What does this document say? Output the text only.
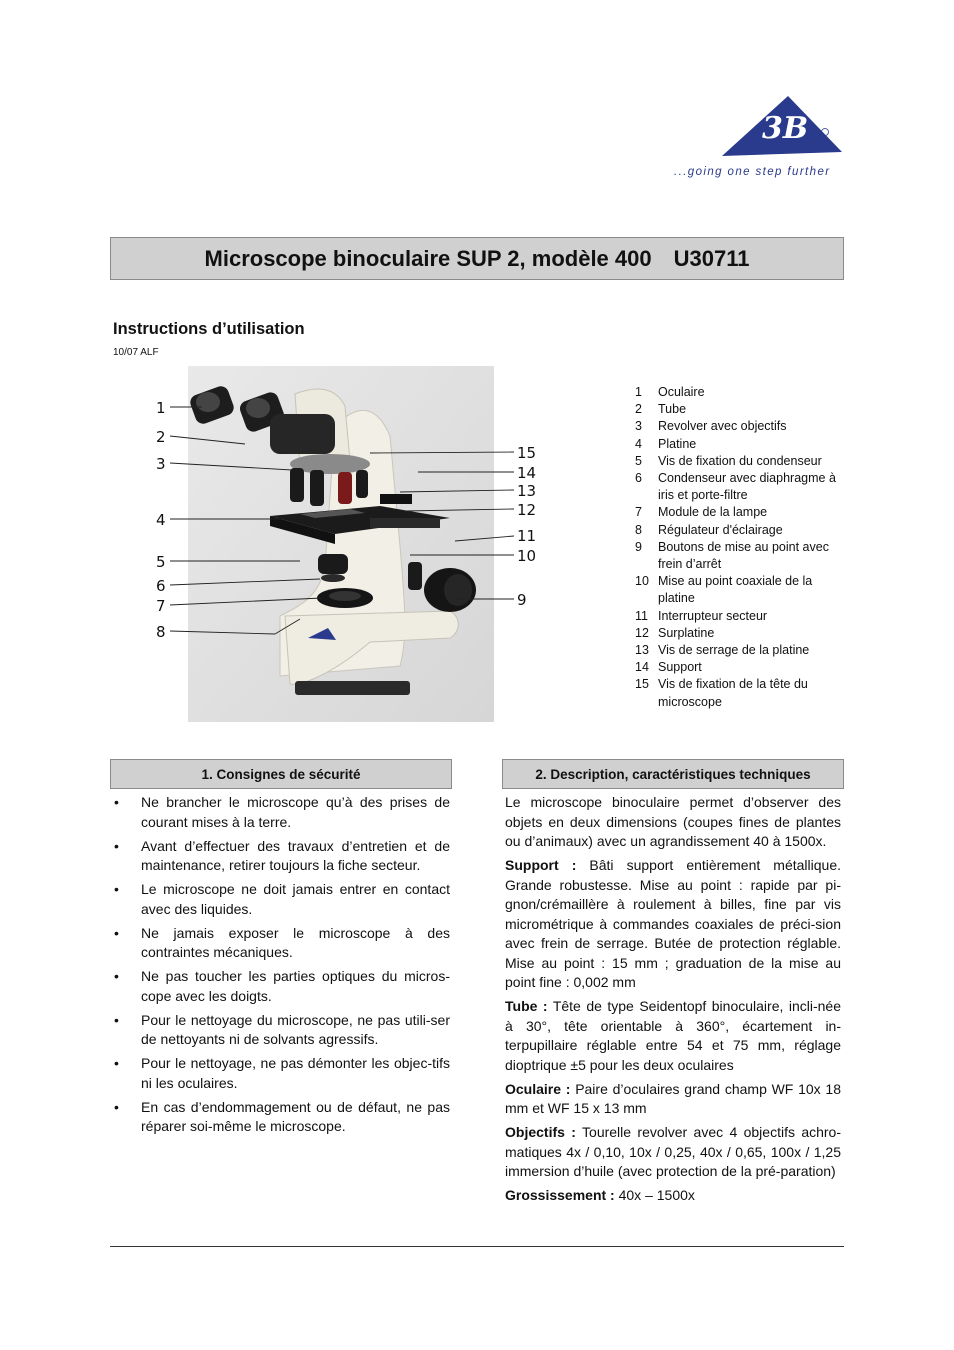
3B
...going one step further
Microscope binoculaire SUP 2, modèle 400 U30711
Instructions d’utilisation
10/07 ALF
1
2
3
4
5
6
7
8
15
14
13
12
11
10
9
1	Oculaire
2	Tube
3	Revolver avec objectifs
4	Platine
5	Vis de fixation du condenseur
6	Condenseur avec diaphragme à iris et porte-filtre
7	Module de la lampe
8	Régulateur d'éclairage
9	Boutons de mise au point avec frein d’arrêt
10 Mise au point coaxiale de la platine
11 Interrupteur secteur
12 Surplatine
13 Vis de serrage de la platine
14 Support
15 Vis de fixation de la tête du microscope
1. Consignes de sécurité
• Ne brancher le microscope qu’à des prises de courant mises à la terre.
• Avant d’effectuer des travaux d’entretien et de maintenance, retirer toujours la fiche secteur.
• Le microscope ne doit jamais entrer en contact avec des liquides.
• Ne jamais exposer le microscope à des contraintes mécaniques.
• Ne pas toucher les parties optiques du micros-cope avec les doigts.
• Pour le nettoyage du microscope, ne pas utili-ser de nettoyants ni de solvants agressifs.
• Pour le nettoyage, ne pas démonter les objec-tifs ni les oculaires.
• En cas d’endommagement ou de défaut, ne pas réparer soi-même le microscope.
2. Description, caractéristiques techniques

Le microscope binoculaire permet d’observer des objets en deux dimensions (coupes fines de plantes ou d’animaux) avec un agrandissement 40 à 1500x.

Support : Bâti support entièrement métallique. Grande robustesse. Mise au point : rapide par pi-gnon/crémaillère à roulement à billes, fine par vis micrométrique à commandes coaxiales de préci-sion avec frein de serrage. Butée de protection réglable. Mise au point : 15 mm ; graduation de la mise au point fine : 0,002 mm

Tube : Tête de type Seidentopf binoculaire, incli-née à 30°, tête orientable à 360°, écartement in-terpupillaire réglable entre 54 et 75 mm, réglage dioptrique ±5 pour les deux oculaires

Oculaire : Paire d’oculaires grand champ WF 10x 18 mm et WF 15 x 13 mm

Objectifs : Tourelle revolver avec 4 objectifs achro-matiques 4x / 0,10, 10x / 0,25, 40x / 0,65, 100x / 1,25 immersion d’huile (avec protection de la pré-paration)

Grossissement : 40x – 1500x
